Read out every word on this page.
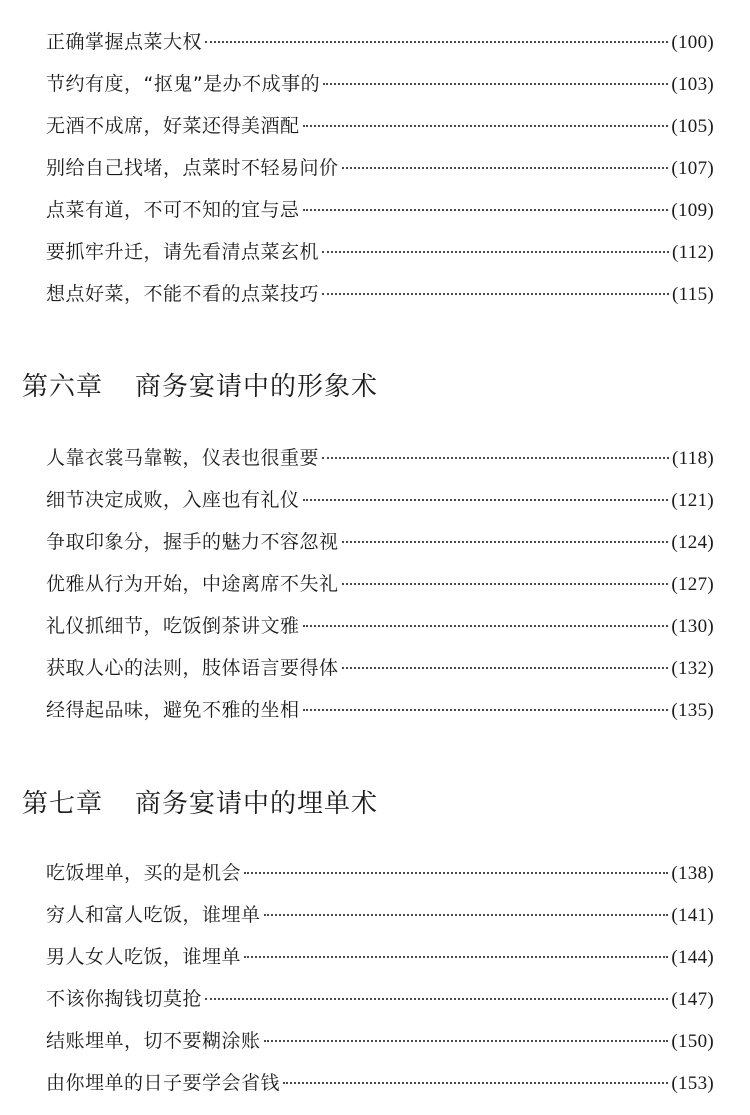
正确掌握点菜大权	(100)
节约有度，“抠鬼”是办不成事的	(103)
无酒不成席，好菜还得美酒配	(105)
别给自己找堵，点菜时不轻易问价	(107)
点菜有道，不可不知的宜与忌	(109)
要抓牢升迁，请先看清点菜玄机	(112)
想点好菜，不能不看的点菜技巧	(115)
第六章 商务宴请中的形象术
人靠衣裳马靠鞍，仪表也很重要	(118)
细节决定成败，入座也有礼仪	(121)
争取印象分，握手的魅力不容忽视	(124)
优雅从行为开始，中途离席不失礼	(127)
礼仪抓细节，吃饭倒茶讲文雅	(130)
获取人心的法则，肢体语言要得体	(132)
经得起品味，避免不雅的坐相	(135)
第七章 商务宴请中的埋单术
吃饭埋单，买的是机会	(138)
穷人和富人吃饭，谁埋单	(141)
男人女人吃饭，谁埋单	(144)
不该你掏钱切莫抢	(147)
结账埋单，切不要糊涂账	(150)
由你埋单的日子要学会省钱	(153)
